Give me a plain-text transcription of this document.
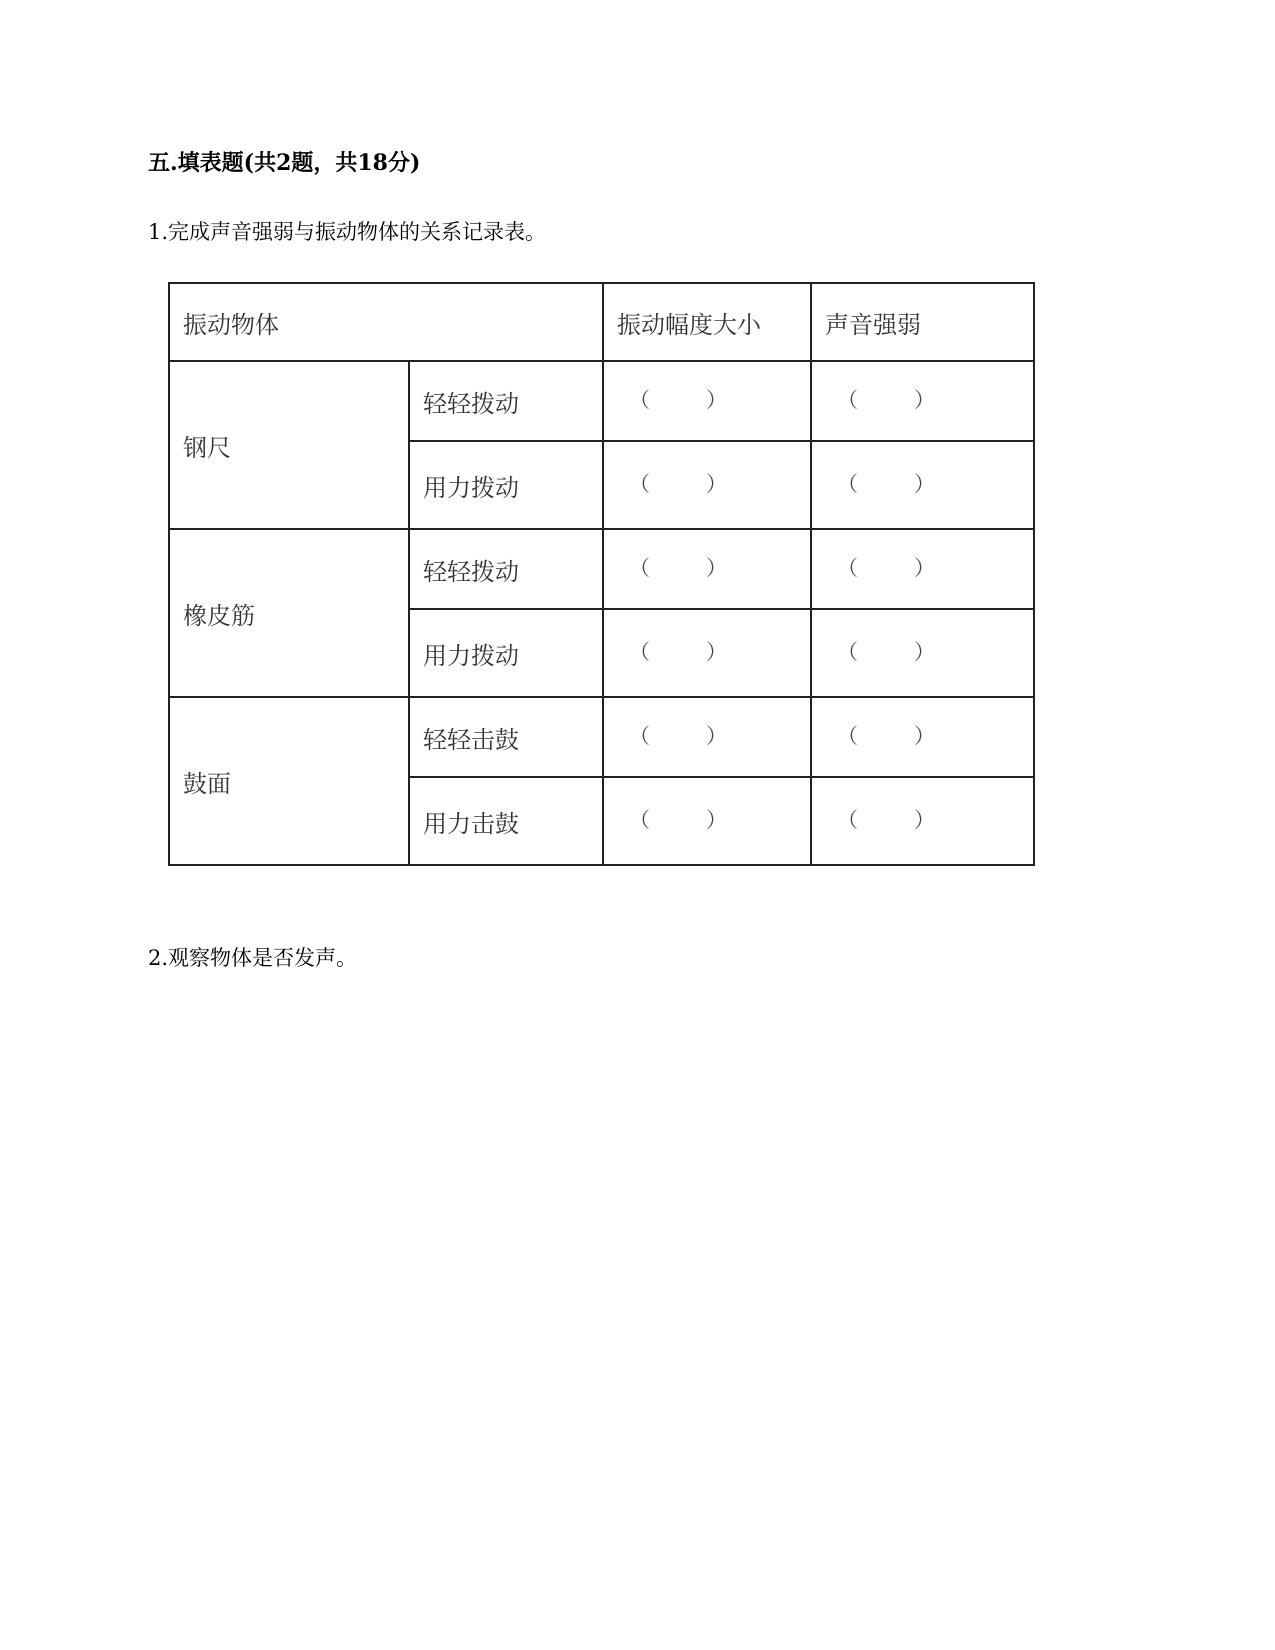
五.填表题(共2题，共18分)
1.完成声音强弱与振动物体的关系记录表。
振动物体		振动幅度大小	声音强弱
钢尺	轻轻拨动	（ ）	（ ）

	用力拨动	（ ）	（ ）

橡皮筋	轻轻拨动	（ ）	（ ）

	用力拨动	（ ）	（ ）

鼓面	轻轻击鼓	（ ）	（ ）

	用力击鼓	（ ）	（ ）
2.观察物体是否发声。
